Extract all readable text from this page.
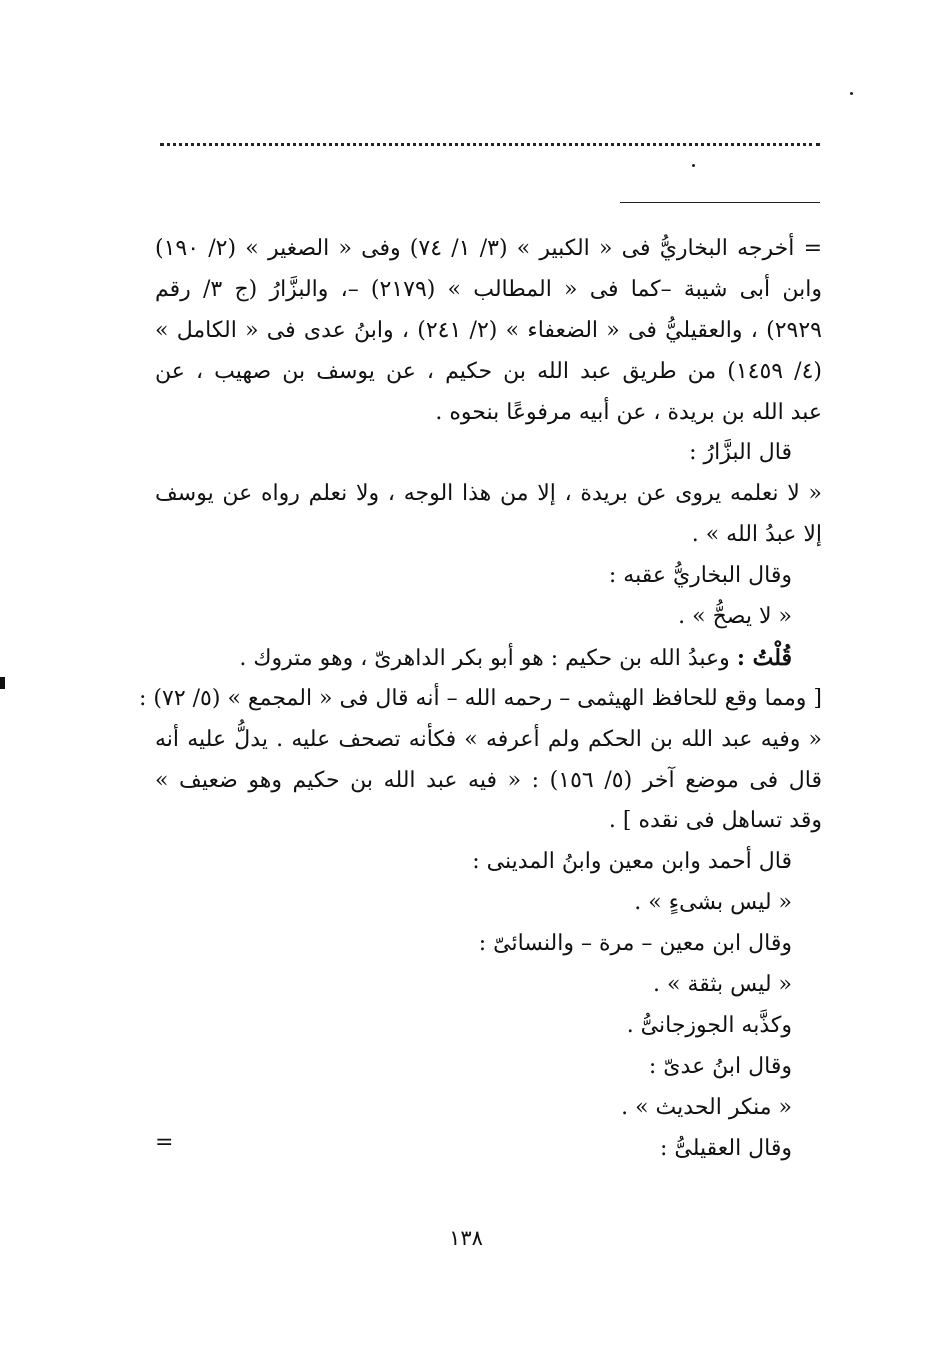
= أخرجه البخاريُّ فى « الكبير » (٣/ ١/ ٧٤) وفى « الصغير » (٢/ ١٩٠)
وابن أبى شيبة –كما فى « المطالب » (٢١٧٩) –، والبزَّارُ (ج ٣/ رقم
٢٩٢٩) ، والعقيليُّ فى « الضعفاء » (٢/ ٢٤١) ، وابنُ عدى فى « الكامل »
(٤/ ١٤٥٩) من طريق عبد الله بن حكيم ، عن يوسف بن صهيب ، عن
عبد الله بن بريدة ، عن أبيه مرفوعًا بنحوه .
قال البزَّارُ :
« لا نعلمه يروى عن بريدة ، إلا من هذا الوجه ، ولا نعلم رواه عن يوسف
إلا عبدُ الله » .
وقال البخاريُّ عقبه :
« لا يصحُّ » .
قُلْتُ : وعبدُ الله بن حكيم : هو أبو بكر الداهرىّ ، وهو متروك .
[ ومما وقع للحافظ الهيثمى – رحمه الله – أنه قال فى « المجمع » (٥/ ٧٢) :
« وفيه عبد الله بن الحكم ولم أعرفه » فكأنه تصحف عليه . يدلُّ عليه أنه
قال فى موضع آخر (٥/ ١٥٦) : « فيه عبد الله بن حكيم وهو ضعيف »
وقد تساهل فى نقده ] .
قال أحمد وابن معين وابنُ المدينى :
« ليس بشىءٍ » .
وقال ابن معين – مرة – والنسائىّ :
« ليس بثقة » .
وكذَّبه الجوزجانىُّ .
وقال ابنُ عدىّ :
« منكر الحديث » .
وقال العقيلىُّ :
=
١٣٨
